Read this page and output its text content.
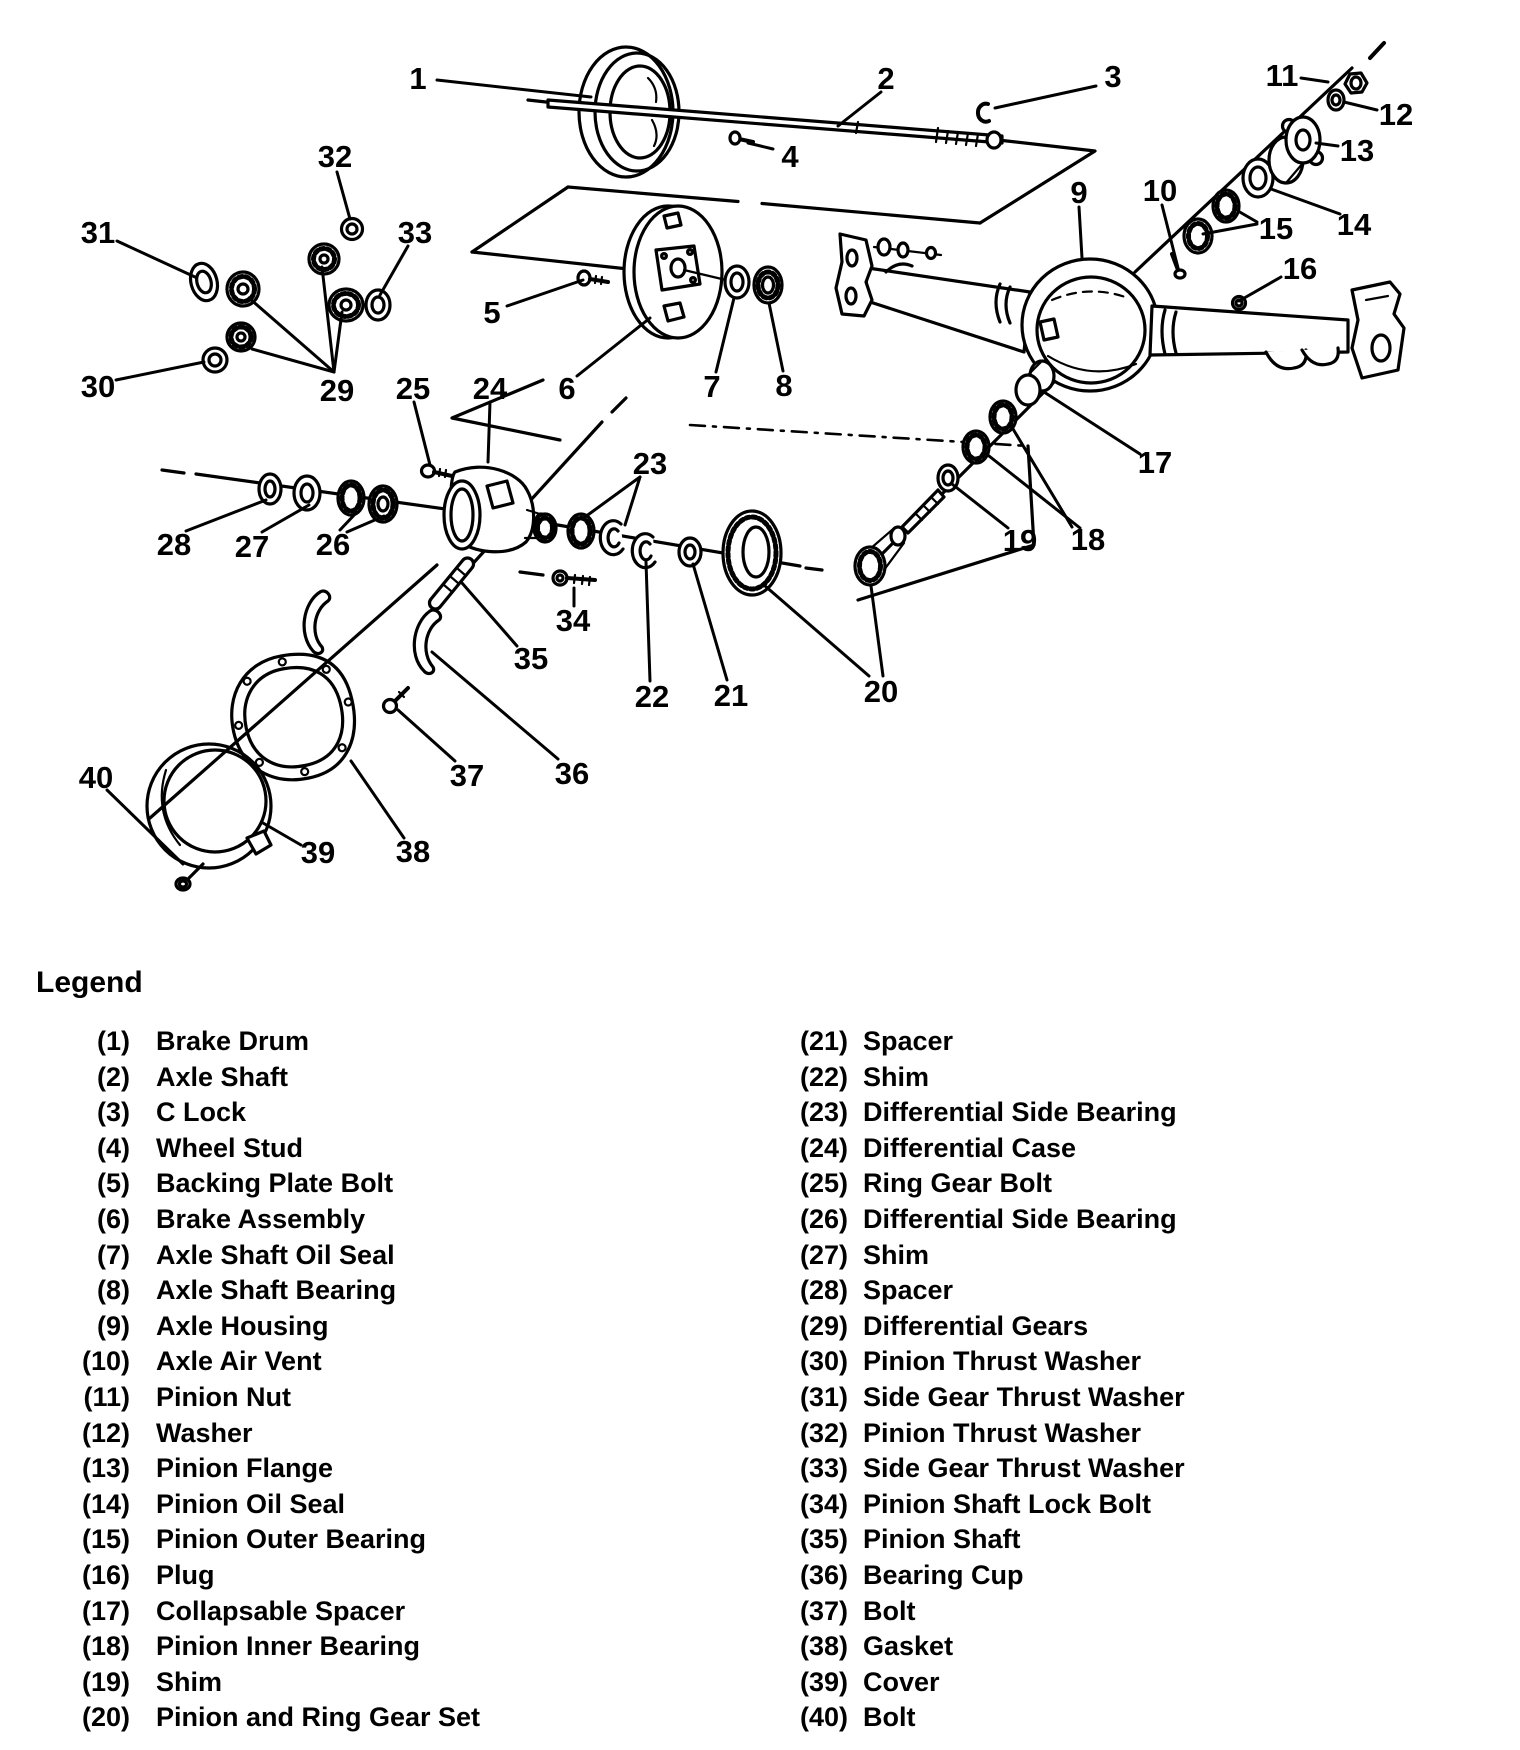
1	2	3
4
5
6	7 8
9 10
11
12
13
14
15
16
17
18
19
20
21
22
23
24
25
26
27
28
29
30
31
32
33
34
35
36
37
38
39
40
Legend
(1) Brake Drum
(2) Axle Shaft
(3) C Lock
(4) Wheel Stud
(5) Backing Plate Bolt
(6) Brake Assembly
(7) Axle Shaft Oil Seal
(8) Axle Shaft Bearing
(9) Axle Housing
(10) Axle Air Vent
(11) Pinion Nut
(12) Washer
(13) Pinion Flange
(14) Pinion Oil Seal
(15) Pinion Outer Bearing
(16) Plug
(17) Collapsable Spacer
(18) Pinion Inner Bearing
(19) Shim
(20) Pinion and Ring Gear Set
(21) Spacer
(22) Shim
(23) Differential Side Bearing
(24) Differential Case
(25) Ring Gear Bolt
(26) Differential Side Bearing
(27) Shim
(28) Spacer
(29) Differential Gears
(30) Pinion Thrust Washer
(31) Side Gear Thrust Washer
(32) Pinion Thrust Washer
(33) Side Gear Thrust Washer
(34) Pinion Shaft Lock Bolt
(35) Pinion Shaft
(36) Bearing Cup
(37) Bolt
(38) Gasket
(39) Cover
(40) Bolt
